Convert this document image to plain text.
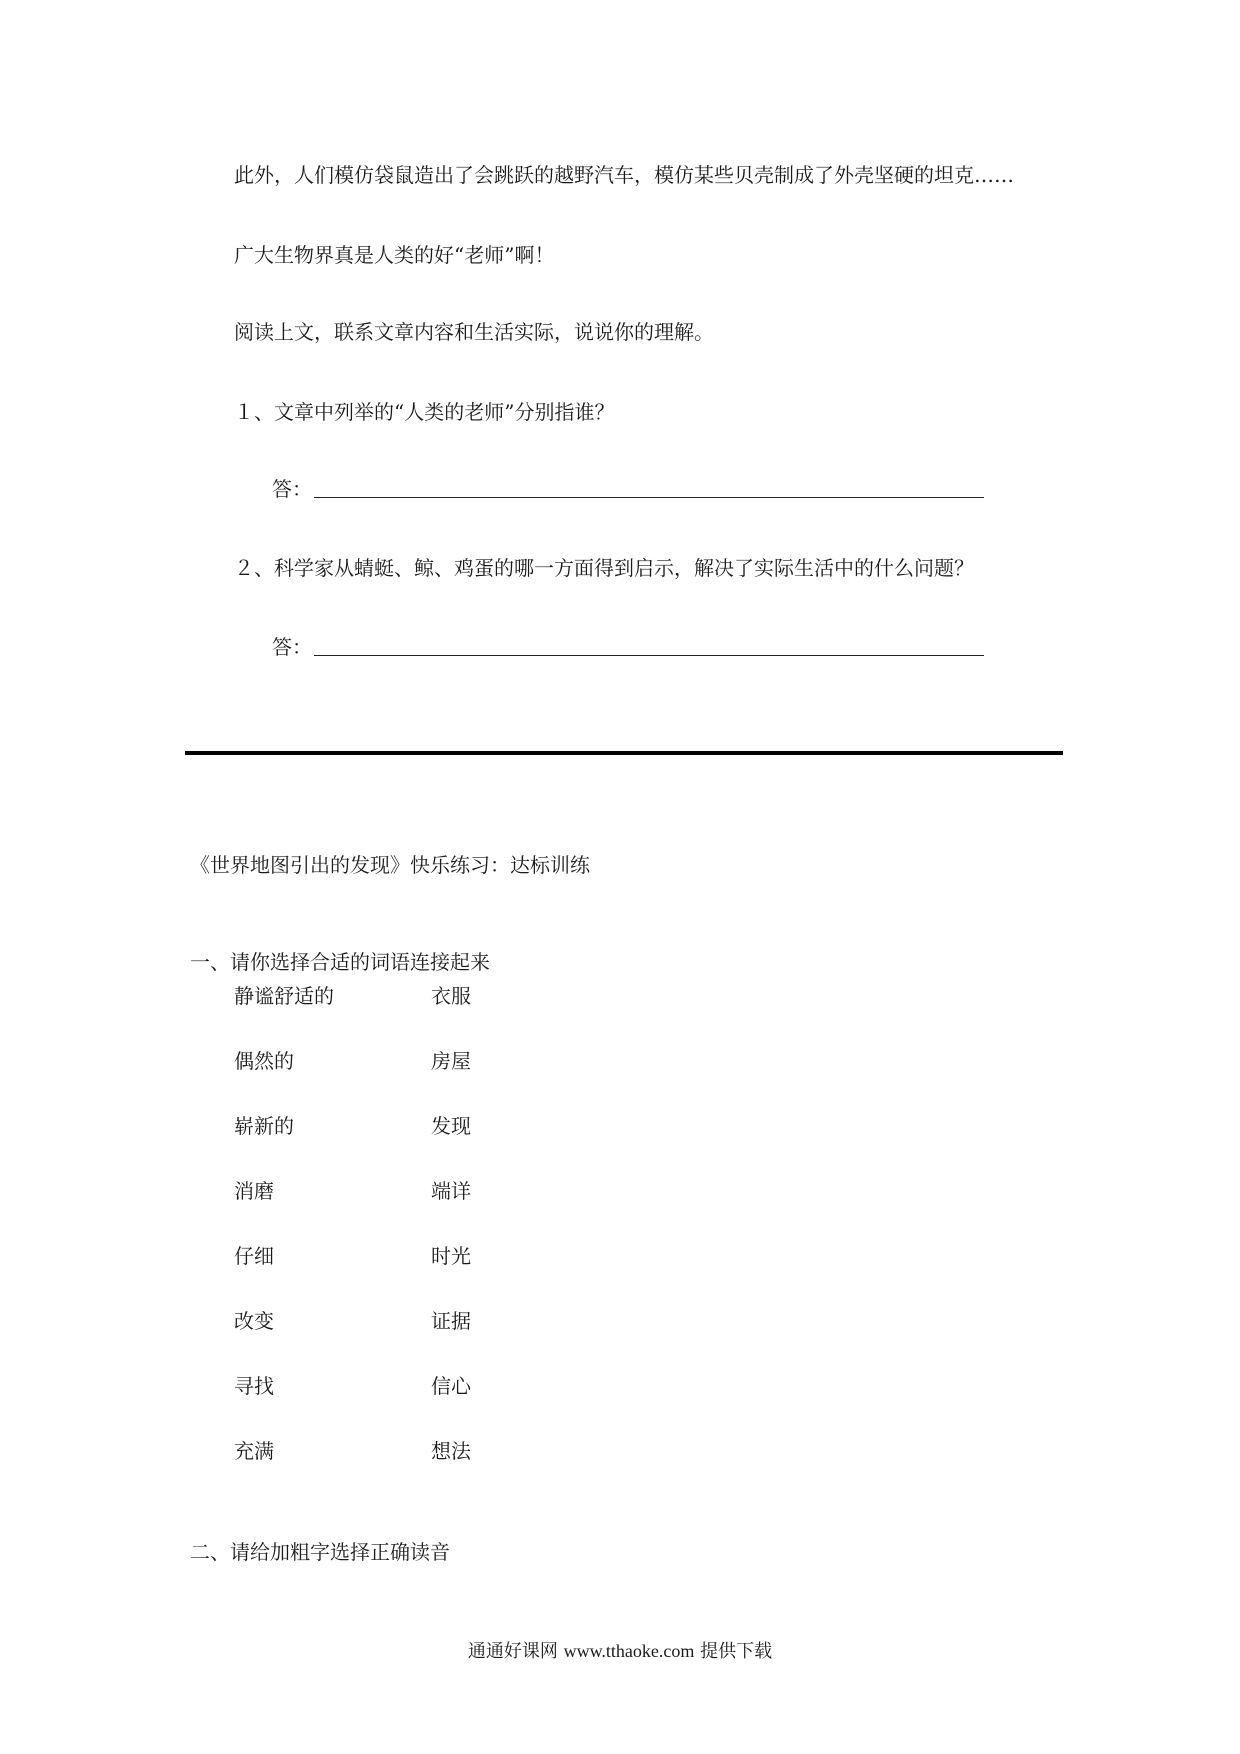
此外，人们模仿袋鼠造出了会跳跃的越野汽车，模仿某些贝壳制成了外壳坚硬的坦克……
广大生物界真是人类的好“老师”啊！
阅读上文，联系文章内容和生活实际，说说你的理解。
１、文章中列举的“人类的老师”分别指谁？
答：
２、科学家从蜻蜓、鲸、鸡蛋的哪一方面得到启示，解决了实际生活中的什么问题？
答：
《世界地图引出的发现》快乐练习：达标训练
一、请你选择合适的词语连接起来
静谧舒适的	衣服
偶然的	房屋
崭新的	发现
消磨	端详
仔细	时光
改变	证据
寻找	信心
充满	想法
二、请给加粗字选择正确读音
通通好课网 www.tthaoke.com 提供下载
